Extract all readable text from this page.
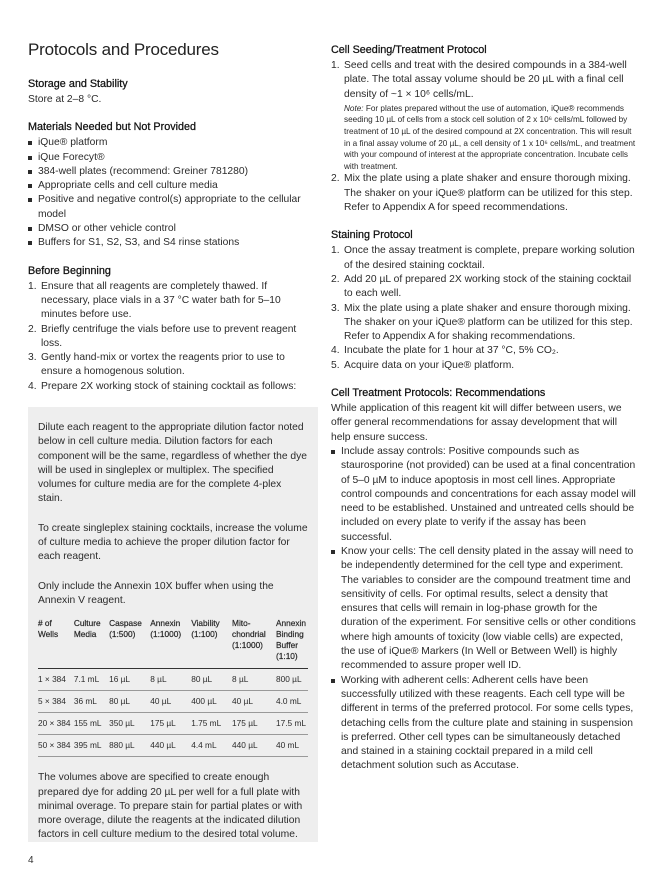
Protocols and Procedures
Storage and Stability

Store at 2–8 °C.

Materials Needed but Not Provided
iQue® platform
iQue Forecyt®
384-well plates (recommend: Greiner 781280)
Appropriate cells and cell culture media
Positive and negative control(s) appropriate to the cellular model
DMSO or other vehicle control
Buffers for S1, S2, S3, and S4 rinse stations
Before Beginning
1. Ensure that all reagents are completely thawed. If necessary, place vials in a 37 °C water bath for 5–10 minutes before use.
2. Briefly centrifuge the vials before use to prevent reagent loss.
3. Gently hand-mix or vortex the reagents prior to use to ensure a homogenous solution.
4. Prepare 2X working stock of staining cocktail as follows:

Dilute each reagent to the appropriate dilution factor noted below in cell culture media. Dilution factors for each component will be the same, regardless of whether the dye will be used in singleplex or multiplex. The specified volumes for culture media are for the complete 4-plex stain.

To create singleplex staining cocktails, increase the volume of culture media to achieve the proper dilution factor for each reagent.

Only include the Annexin 10X buffer when using the Annexin V reagent.

# of Wells	Culture Media	Caspase (1:500)	Annexin (1:1000)	Viability (1:100)	Mito-chondrial (1:1000)	Annexin Binding Buffer (1:10)
1 × 384	7.1 mL	16 µL	8 µL	80 µL	8 µL	800 µL
5 × 384	36 mL	80 µL	40 µL	400 µL	40 µL	4.0 mL
20 × 384	155 mL	350 µL	175 µL	1.75 mL	175 µL	17.5 mL
50 × 384	395 mL	880 µL	440 µL	4.4 mL	440 µL	40 mL

The volumes above are specified to create enough prepared dye for adding 20 µL per well for a full plate with minimal overage. To prepare stain for partial plates or with more overage, dilute the reagents at the indicated dilution factors in cell culture medium to the desired total volume.

Cell Seeding/Treatment Protocol
1. Seed cells and treat with the desired compounds in a 384-well plate. The total assay volume should be 20 µL with a final cell density of ~1 × 10⁶ cells/mL.

Note: For plates prepared without the use of automation, iQue® recommends seeding 10 µL of cells from a stock cell solution of 2 x 10⁶ cells/mL followed by treatment of 10 µL of the desired compound at 2X concentration. This will result in a final assay volume of 20 µL, a cell density of 1 x 10⁶ cells/mL, and treatment with your compound of interest at the appropriate concentration. Incubate cells with treatment.

2. Mix the plate using a plate shaker and ensure thorough mixing. The shaker on your iQue® platform can be utilized for this step. Refer to Appendix A for speed recommendations.
Staining Protocol
1. Once the assay treatment is complete, prepare working solution of the desired staining cocktail.
2. Add 20 µL of prepared 2X working stock of the staining cocktail to each well.
3. Mix the plate using a plate shaker and ensure thorough mixing. The shaker on your iQue® platform can be utilized for this step. Refer to Appendix A for shaking recommendations.
4. Incubate the plate for 1 hour at 37 °C, 5% CO₂.
5. Acquire data on your iQue® platform.
Cell Treatment Protocols: Recommendations

While application of this reagent kit will differ between users, we offer general recommendations for assay development that will help ensure success.

Include assay controls: Positive compounds such as staurosporine (not provided) can be used at a final concentration of 5–0 µM to induce apoptosis in most cell lines. Appropriate control compounds and concentrations for each assay model will need to be established. Unstained and untreated cells should be included on every plate to verify if the assay has been successful.
Know your cells: The cell density plated in the assay will need to be independently determined for the cell type and experiment. The variables to consider are the compound treatment time and sensitivity of cells. For optimal results, select a density that ensures that cells will remain in log-phase growth for the duration of the experiment. For sensitive cells or other conditions where high amounts of toxicity (low viable cells) are expected, the use of iQue® Markers (In Well or Between Well) is highly recommended to assure proper well ID.
Working with adherent cells: Adherent cells have been successfully utilized with these reagents. Each cell type will be different in terms of the preferred protocol. For some cells types, detaching cells from the culture plate and staining in suspension is preferred. Other cell types can be simultaneously detached and stained in a staining cocktail prepared in a mild cell detachment solution such as Accutase.
4
